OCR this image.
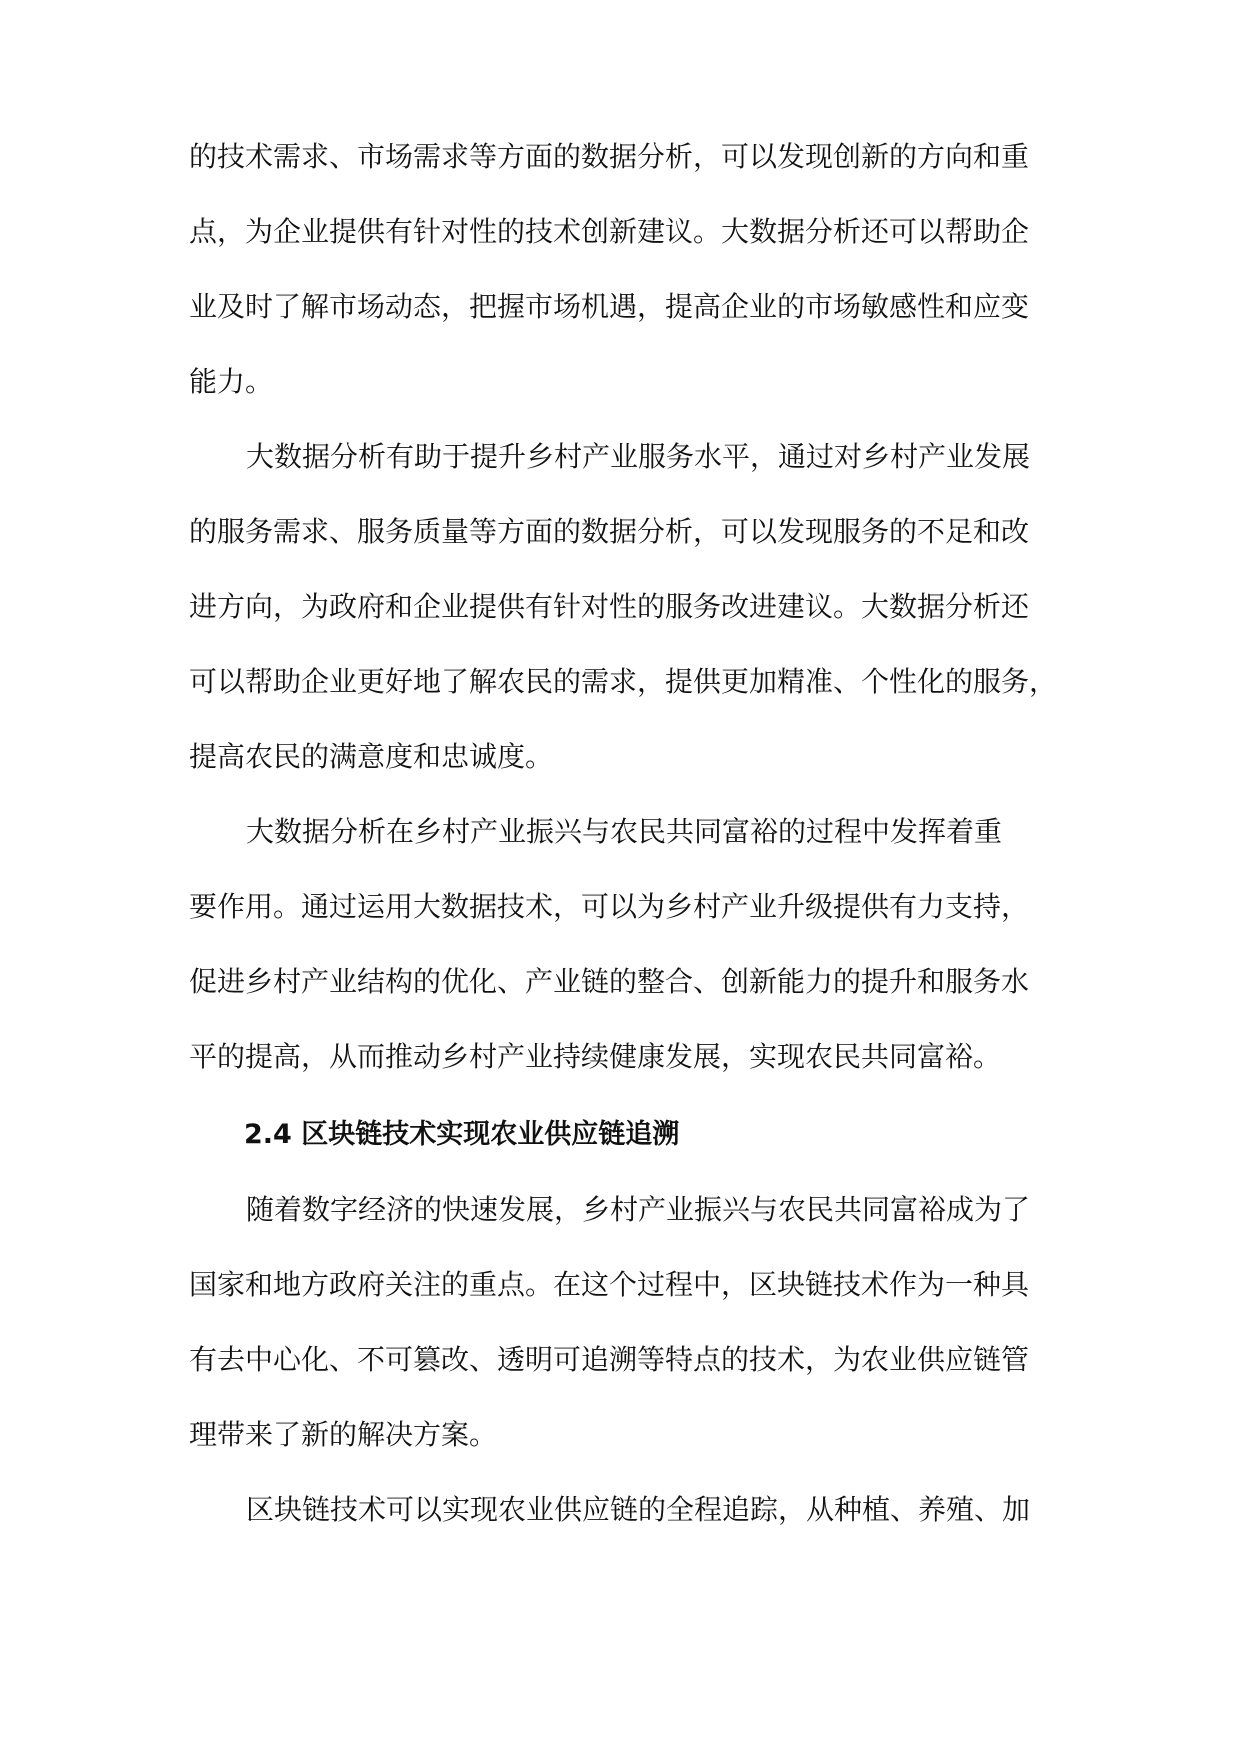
的技术需求、市场需求等方面的数据分析，可以发现创新的方向和重
点，为企业提供有针对性的技术创新建议。大数据分析还可以帮助企
业及时了解市场动态，把握市场机遇，提高企业的市场敏感性和应变
能力。
大数据分析有助于提升乡村产业服务水平，通过对乡村产业发展
的服务需求、服务质量等方面的数据分析，可以发现服务的不足和改
进方向，为政府和企业提供有针对性的服务改进建议。大数据分析还
可以帮助企业更好地了解农民的需求，提供更加精准、个性化的服务，
提高农民的满意度和忠诚度。
大数据分析在乡村产业振兴与农民共同富裕的过程中发挥着重
要作用。通过运用大数据技术，可以为乡村产业升级提供有力支持，
促进乡村产业结构的优化、产业链的整合、创新能力的提升和服务水
平的提高，从而推动乡村产业持续健康发展，实现农民共同富裕。
2.4 区块链技术实现农业供应链追溯
随着数字经济的快速发展，乡村产业振兴与农民共同富裕成为了
国家和地方政府关注的重点。在这个过程中，区块链技术作为一种具
有去中心化、不可篡改、透明可追溯等特点的技术，为农业供应链管
理带来了新的解决方案。
区块链技术可以实现农业供应链的全程追踪，从种植、养殖、加
